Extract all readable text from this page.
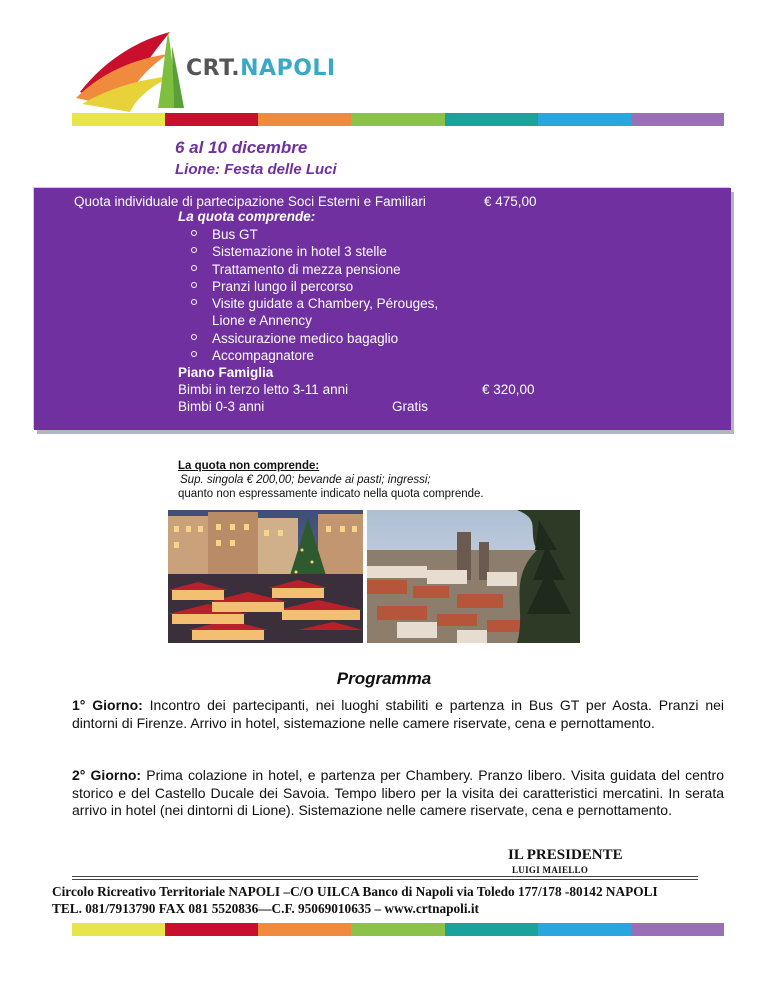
CRT.NAPOLI
6 al 10 dicembre
Lione: Festa delle Luci
Quota individuale di partecipazione Soci Esterni e Familiari	€ 475,00
La quota comprende:
Bus GT
Sistemazione in hotel 3 stelle
Trattamento di mezza pensione
Pranzi lungo il percorso
Visite guidate a Chambery, Pérouges,
Lione e Annency
Assicurazione medico bagaglio
Accompagnatore
Piano Famiglia
Bimbi in terzo letto 3-11 anni	€ 320,00
Bimbi 0-3 anni	Gratis
La quota non comprende:
Sup. singola € 200,00; bevande ai pasti; ingressi;
quanto non espressamente indicato nella quota comprende.
Programma
1° Giorno: Incontro dei partecipanti, nei luoghi stabiliti e partenza in Bus GT per Aosta. Pranzi nei dintorni di Firenze. Arrivo in hotel, sistemazione nelle camere riservate, cena e pernottamento.
2° Giorno: Prima colazione in hotel, e partenza per Chambery. Pranzo libero. Visita guidata del centro storico e del Castello Ducale dei Savoia. Tempo libero per la visita dei caratteristici mercatini. In serata arrivo in hotel (nei dintorni di Lione). Sistemazione nelle camere riservate, cena e pernottamento.
IL PRESIDENTE
LUIGI MAIELLO
Circolo Ricreativo Territoriale NAPOLI –C/O UILCA Banco di Napoli via Toledo 177/178 -80142 NAPOLI
TEL. 081/7913790 FAX 081 5520836—C.F. 95069010635 – www.crtnapoli.it
